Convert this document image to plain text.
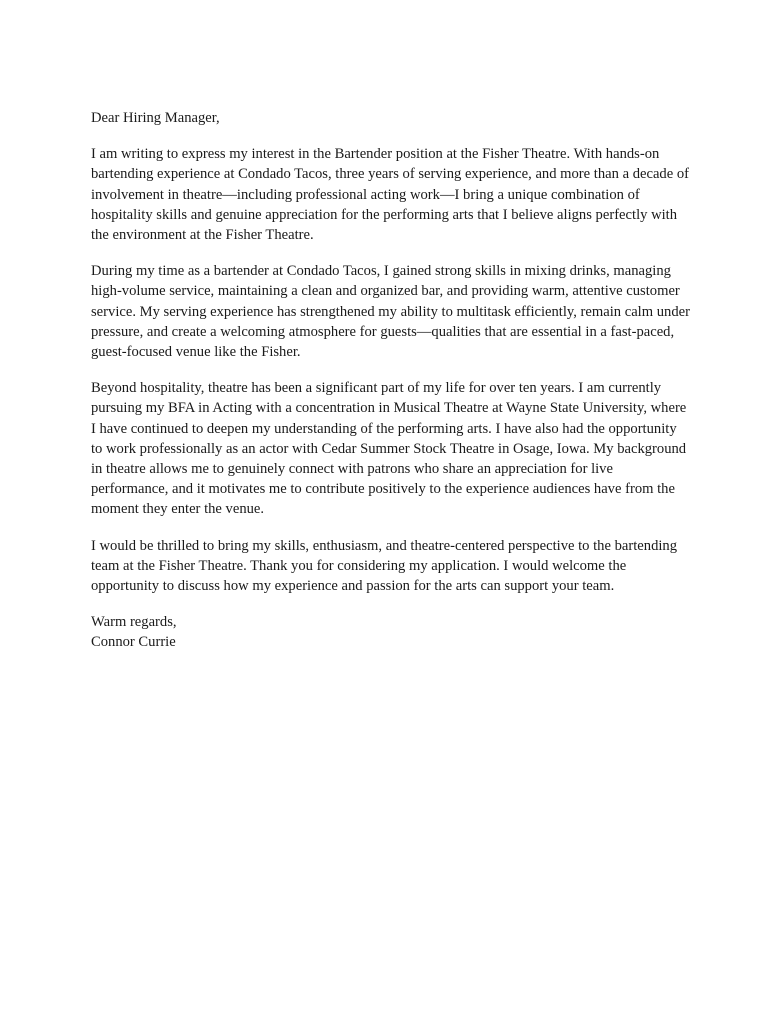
Dear Hiring Manager,

I am writing to express my interest in the Bartender position at the Fisher Theatre. With hands-on bartending experience at Condado Tacos, three years of serving experience, and more than a decade of involvement in theatre—including professional acting work—I bring a unique combination of hospitality skills and genuine appreciation for the performing arts that I believe aligns perfectly with the environment at the Fisher Theatre.

During my time as a bartender at Condado Tacos, I gained strong skills in mixing drinks, managing high-volume service, maintaining a clean and organized bar, and providing warm, attentive customer service. My serving experience has strengthened my ability to multitask efficiently, remain calm under pressure, and create a welcoming atmosphere for guests—qualities that are essential in a fast-paced, guest-focused venue like the Fisher.

Beyond hospitality, theatre has been a significant part of my life for over ten years. I am currently pursuing my BFA in Acting with a concentration in Musical Theatre at Wayne State University, where I have continued to deepen my understanding of the performing arts. I have also had the opportunity to work professionally as an actor with Cedar Summer Stock Theatre in Osage, Iowa. My background in theatre allows me to genuinely connect with patrons who share an appreciation for live performance, and it motivates me to contribute positively to the experience audiences have from the moment they enter the venue.

I would be thrilled to bring my skills, enthusiasm, and theatre-centered perspective to the bartending team at the Fisher Theatre. Thank you for considering my application. I would welcome the opportunity to discuss how my experience and passion for the arts can support your team.

Warm regards,
Connor Currie
